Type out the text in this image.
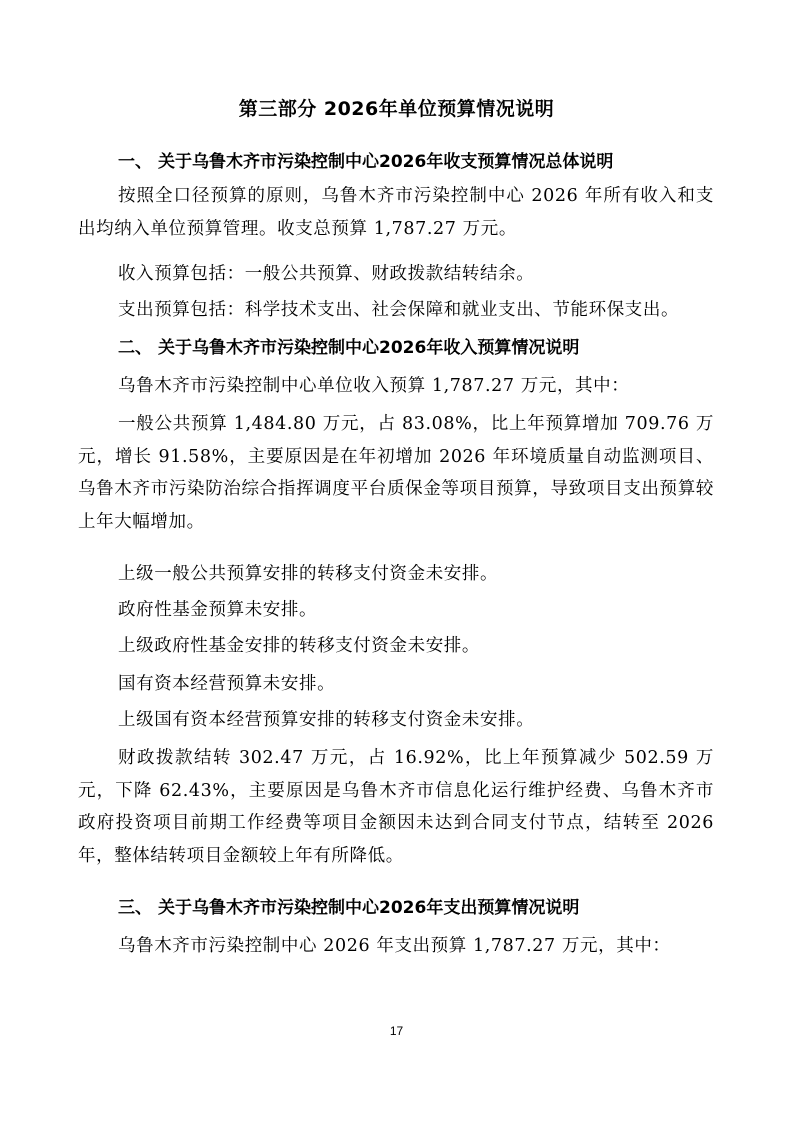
第三部分 2026年单位预算情况说明
一、 关于乌鲁木齐市污染控制中心2026年收支预算情况总体说明
按照全口径预算的原则，乌鲁木齐市污染控制中心 2026 年所有收入和支出均纳入单位预算管理。收支总预算 1,787.27 万元。
收入预算包括：一般公共预算、财政拨款结转结余。
支出预算包括：科学技术支出、社会保障和就业支出、节能环保支出。
二、 关于乌鲁木齐市污染控制中心2026年收入预算情况说明
乌鲁木齐市污染控制中心单位收入预算 1,787.27 万元，其中：
一般公共预算 1,484.80 万元，占 83.08%，比上年预算增加 709.76 万元，增长 91.58%，主要原因是在年初增加 2026 年环境质量自动监测项目、乌鲁木齐市污染防治综合指挥调度平台质保金等项目预算，导致项目支出预算较上年大幅增加。
上级一般公共预算安排的转移支付资金未安排。
政府性基金预算未安排。
上级政府性基金安排的转移支付资金未安排。
国有资本经营预算未安排。
上级国有资本经营预算安排的转移支付资金未安排。
财政拨款结转 302.47 万元，占 16.92%，比上年预算减少 502.59 万元，下降 62.43%，主要原因是乌鲁木齐市信息化运行维护经费、乌鲁木齐市政府投资项目前期工作经费等项目金额因未达到合同支付节点，结转至 2026 年，整体结转项目金额较上年有所降低。
三、 关于乌鲁木齐市污染控制中心2026年支出预算情况说明
乌鲁木齐市污染控制中心 2026 年支出预算 1,787.27 万元，其中：
17
